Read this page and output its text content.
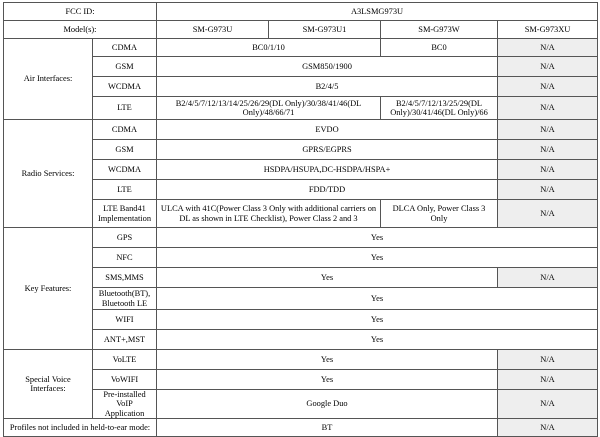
FCC ID:		A3LSMG973U			
Model(s):		SM-G973U	SM-G973U1	SM-G973W	SM-G973XU
Air Interfaces:	CDMA	BC0/1/10		BC0	N/A
	GSM	GSM850/1900			N/A
	WCDMA	B2/4/5			N/A
	LTE	B2/4/5/7/12/13/14/25/26/29(DL Only)/30/38/41/46(DL Only)/48/66/71		B2/4/5/7/12/13/25/29(DL Only)/30/41/46(DL Only)/66	N/A
Radio Services:	CDMA	EVDO			N/A
	GSM	GPRS/EGPRS			N/A
	WCDMA	HSDPA/HSUPA,DC-HSDPA/HSPA+			N/A
	LTE	FDD/TDD			N/A
	LTE Band41 Implementation	ULCA with 41C(Power Class 3 Only with additional carriers on DL as shown in LTE Checklist), Power Class 2 and 3		DLCA Only, Power Class 3 Only	N/A
Key Features:	GPS	Yes			
	NFC	Yes			
	SMS,MMS	Yes			N/A
	Bluetooth(BT), Bluetooth LE	Yes			
	WIFI	Yes			
	ANT+,MST	Yes			
Special Voice Interfaces:	VoLTE	Yes			N/A
	VoWIFI	Yes			N/A
	Pre-installed VoIP Application	Google Duo			N/A
Profiles not included in held-to-ear mode:		BT			N/A
